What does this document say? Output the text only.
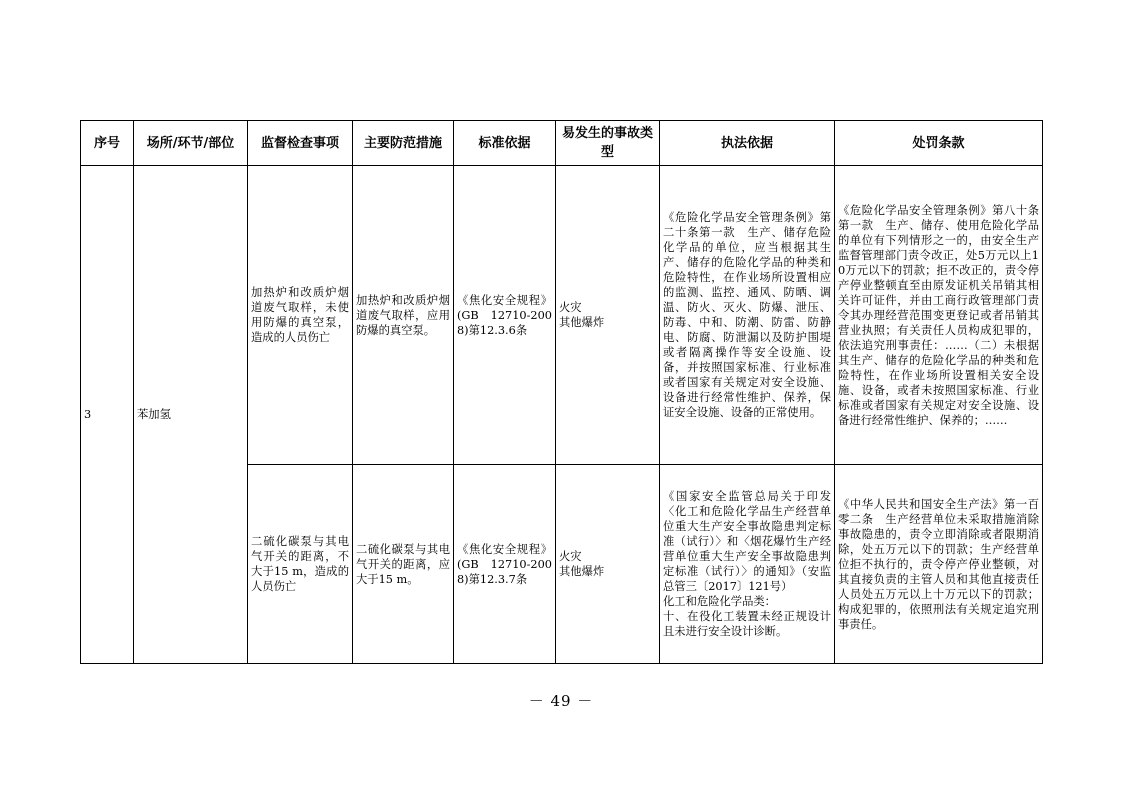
序号	场所/环节/部位	监督检查事项	主要防范措施	标准依据	易发生的事故类型	执法依据	处罚条款
3	苯加氢	加热炉和改质炉烟道废气取样，未使用防爆的真空泵，造成的人员伤亡	加热炉和改质炉烟道废气取样，应用防爆的真空泵。	《焦化安全规程》(GB 12710-2008)第12.3.6条	火灾
其他爆炸	《危险化学品安全管理条例》第二十条第一款　生产、储存危险化学品的单位，应当根据其生产、储存的危险化学品的种类和危险特性，在作业场所设置相应的监测、监控、通风、防晒、调温、防火、灭火、防爆、泄压、防毒、中和、防潮、防雷、防静电、防腐、防泄漏以及防护围堤或者隔离操作等安全设施、设备，并按照国家标准、行业标准或者国家有关规定对安全设施、设备进行经常性维护、保养，保证安全设施、设备的正常使用。	《危险化学品安全管理条例》第八十条第一款　生产、储存、使用危险化学品的单位有下列情形之一的，由安全生产监督管理部门责令改正，处5万元以上10万元以下的罚款；拒不改正的，责令停产停业整顿直至由原发证机关吊销其相关许可证件，并由工商行政管理部门责令其办理经营范围变更登记或者吊销其营业执照；有关责任人员构成犯罪的，依法追究刑事责任：……（二）未根据其生产、储存的危险化学品的种类和危险特性，在作业场所设置相关安全设施、设备，或者未按照国家标准、行业标准或者国家有关规定对安全设施、设备进行经常性维护、保养的；……
		二硫化碳泵与其电气开关的距离，不大于15 m，造成的人员伤亡	二硫化碳泵与其电气开关的距离，应大于15 m。	《焦化安全规程》(GB 12710-2008)第12.3.7条	火灾
其他爆炸	《国家安全监管总局关于印发〈化工和危险化学品生产经营单位重大生产安全事故隐患判定标准（试行）〉和〈烟花爆竹生产经营单位重大生产安全事故隐患判定标准（试行）〉的通知》（安监总管三〔2017〕121号）
化工和危险化学品类：
十、在役化工装置未经正规设计且未进行安全设计诊断。	《中华人民共和国安全生产法》第一百零二条　生产经营单位未采取措施消除事故隐患的，责令立即消除或者限期消除，处五万元以下的罚款；生产经营单位拒不执行的，责令停产停业整顿，对其直接负责的主管人员和其他直接责任人员处五万元以上十万元以下的罚款；构成犯罪的，依照刑法有关规定追究刑事责任。
－ 49 －
